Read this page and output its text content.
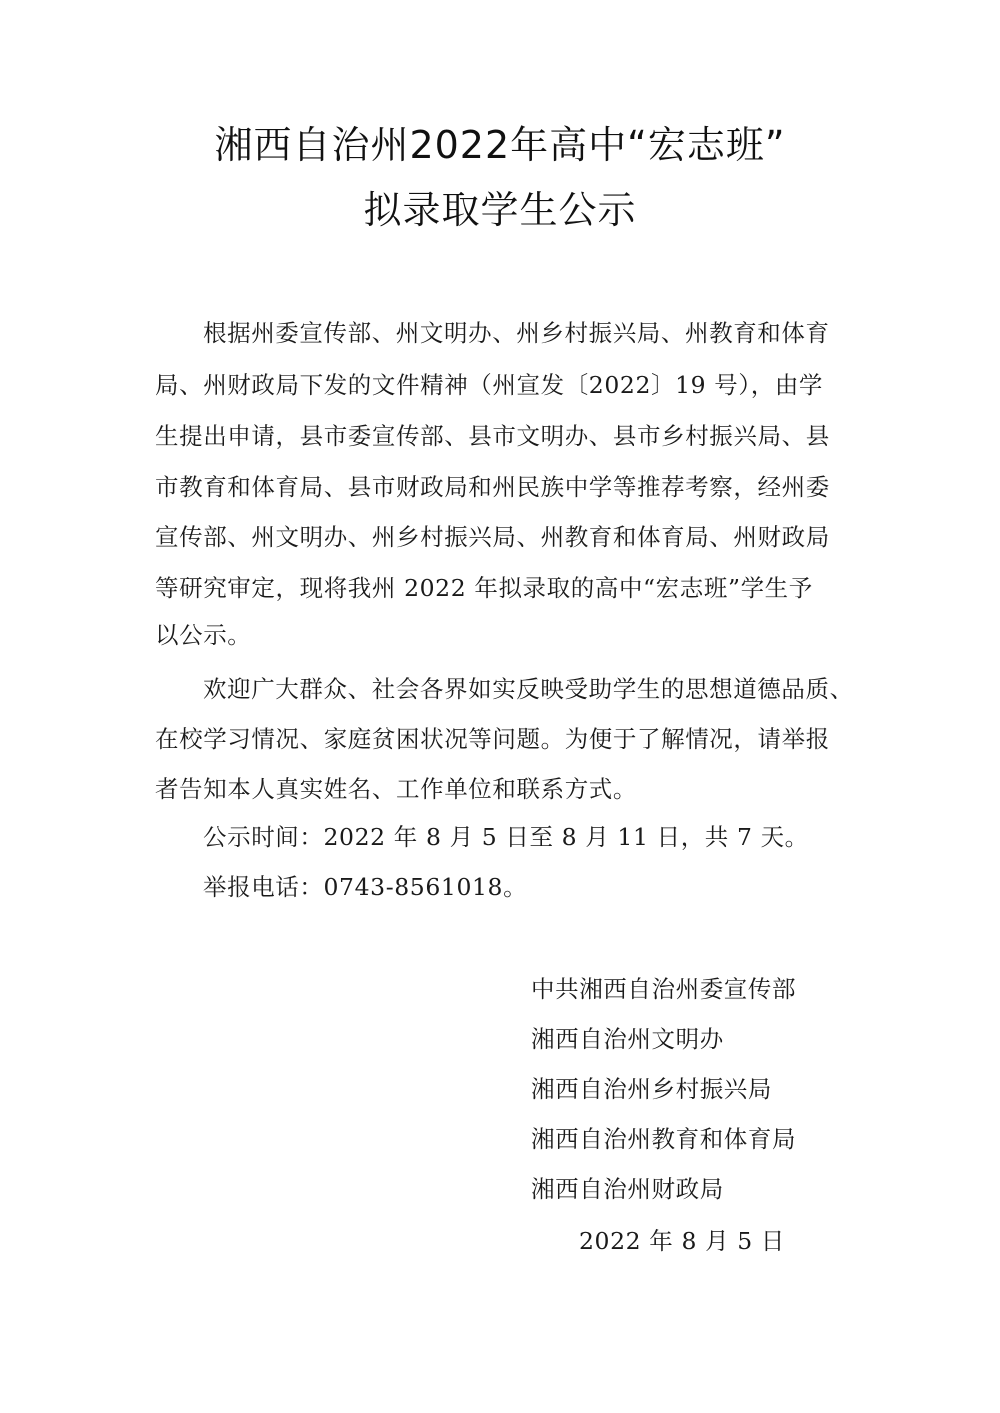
湘西自治州2022年高中“宏志班”
拟录取学生公示
根据州委宣传部、州文明办、州乡村振兴局、州教育和体育
局、州财政局下发的文件精神（州宣发〔2022〕19 号），由学
生提出申请，县市委宣传部、县市文明办、县市乡村振兴局、县
市教育和体育局、县市财政局和州民族中学等推荐考察，经州委
宣传部、州文明办、州乡村振兴局、州教育和体育局、州财政局
等研究审定，现将我州 2022 年拟录取的高中“宏志班”学生予
以公示。
欢迎广大群众、社会各界如实反映受助学生的思想道德品质、
在校学习情况、家庭贫困状况等问题。为便于了解情况，请举报
者告知本人真实姓名、工作单位和联系方式。
公示时间：2022 年 8 月 5 日至 8 月 11 日，共 7 天。
举报电话：0743-8561018。
中共湘西自治州委宣传部
湘西自治州文明办
湘西自治州乡村振兴局
湘西自治州教育和体育局
湘西自治州财政局
2022 年 8 月 5 日
